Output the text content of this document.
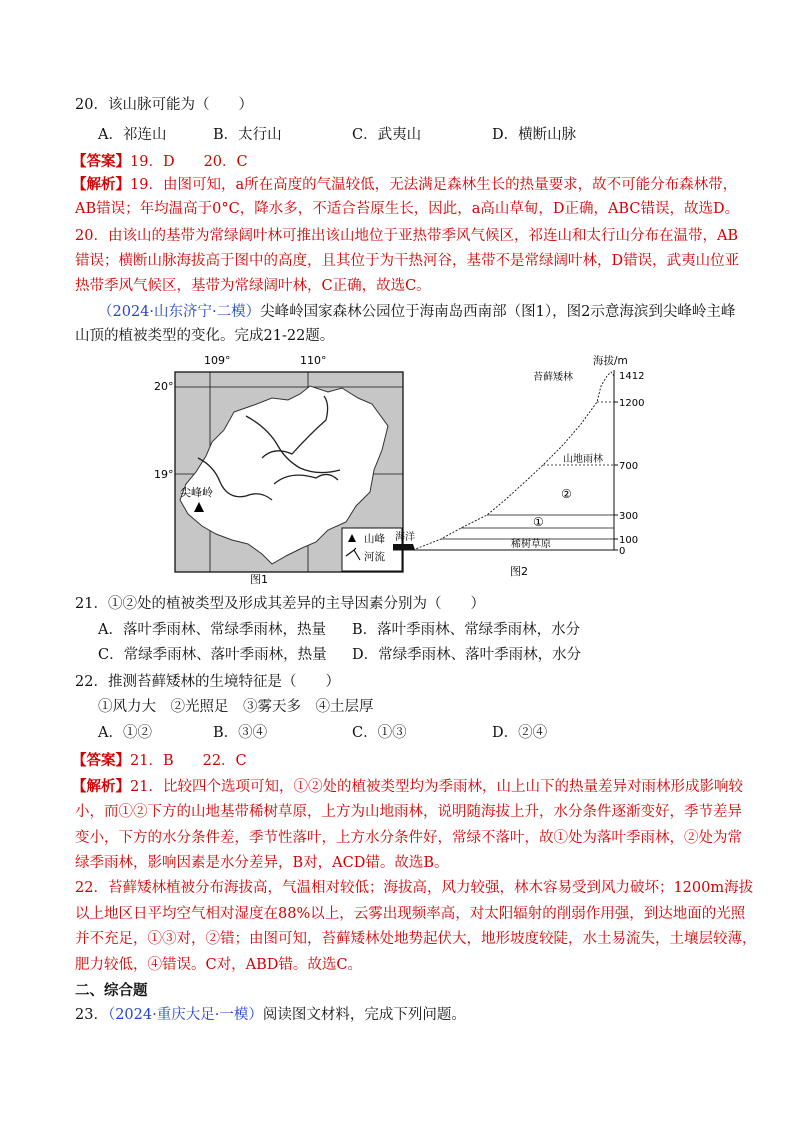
20．该山脉可能为（　　）
A．祁连山	B．太行山	C．武夷山	D．横断山脉
【答案】19．D　　20．C
【解析】19．由图可知，a所在高度的气温较低，无法满足森林生长的热量要求，故不可能分布森林带，
AB错误；年均温高于0°C，降水多，不适合苔原生长，因此，a高山草甸，D正确，ABC错误，故选D。
20．由该山的基带为常绿阔叶林可推出该山地位于亚热带季风气候区，祁连山和太行山分布在温带，AB
错误；横断山脉海拔高于图中的高度，且其位于为干热河谷，基带不是常绿阔叶林，D错误，武夷山位亚
热带季风气候区，基带为常绿阔叶林，C正确，故选C。
（2024·山东济宁·二模）尖峰岭国家森林公园位于海南岛西南部（图1），图2示意海滨到尖峰岭主峰
山顶的植被类型的变化。完成21-22题。
109°	110°
20°
19°
尖峰岭
山峰
河流
图1
海拔/m
1412
1200
700
300
100
0
苔藓矮林
山地雨林
②
①
稀树草原
海洋
图2
21．①②处的植被类型及形成其差异的主导因素分别为（　　）
A．落叶季雨林、常绿季雨林，热量 B．落叶季雨林、常绿季雨林，水分
C．常绿季雨林、落叶季雨林，热量 D．常绿季雨林、落叶季雨林，水分
22．推测苔藓矮林的生境特征是（　　）
①风力大　②光照足　③雾天多　④土层厚
A．①②	B．③④	C．①③	D．②④
【答案】21．B　　22．C
【解析】21．比较四个选项可知，①②处的植被类型均为季雨林，山上山下的热量差异对雨林形成影响较
小，而①②下方的山地基带稀树草原，上方为山地雨林，说明随海拔上升，水分条件逐渐变好，季节差异
变小，下方的水分条件差，季节性落叶，上方水分条件好，常绿不落叶，故①处为落叶季雨林，②处为常
绿季雨林，影响因素是水分差异，B对，ACD错。故选B。
22．苔藓矮林植被分布海拔高，气温相对较低；海拔高，风力较强，林木容易受到风力破坏；1200m海拔
以上地区日平均空气相对湿度在88%以上，云雾出现频率高，对太阳辐射的削弱作用强，到达地面的光照
并不充足，①③对，②错；由图可知，苔藓矮林处地势起伏大，地形坡度较陡，水土易流失，土壤层较薄，
肥力较低，④错误。C对，ABD错。故选C。
二、综合题
23．（2024·重庆大足·一模）阅读图文材料，完成下列问题。
